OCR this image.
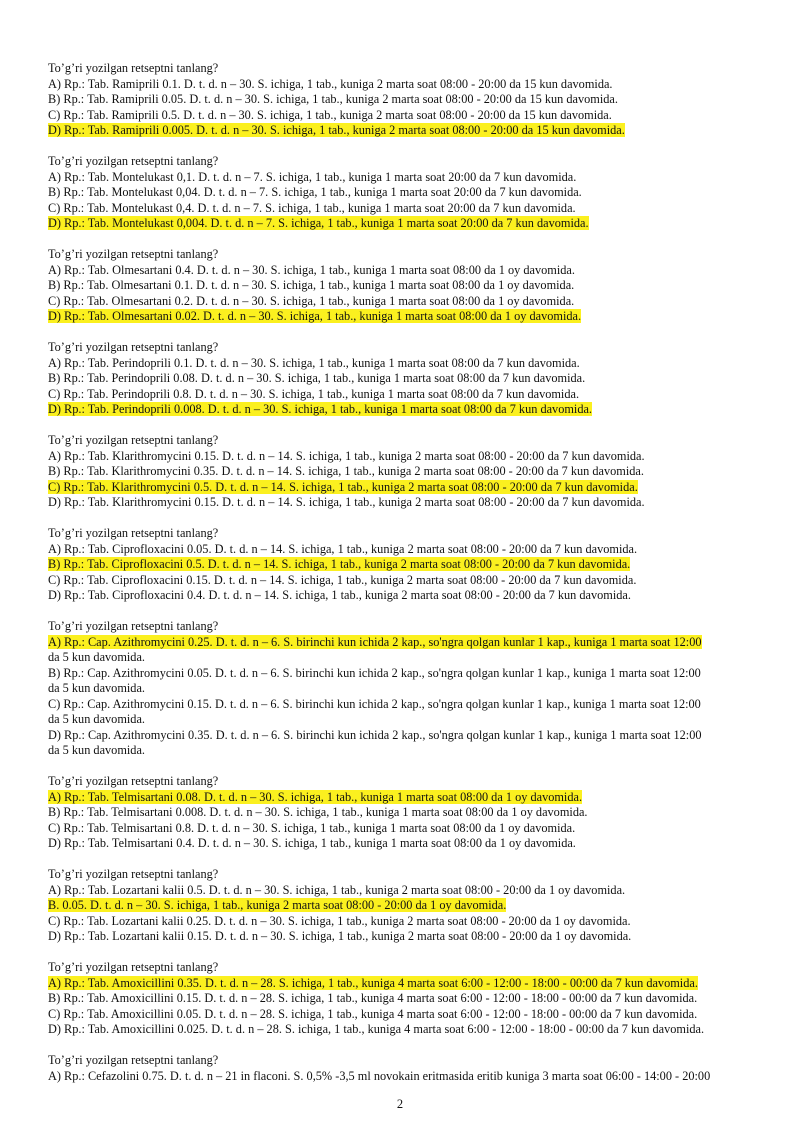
To’g’ri yozilgan retseptni tanlang?

A) Rp.: Tab. Ramiprili 0.1. D. t. d. n – 30. S. ichiga, 1 tab., kuniga 2 marta soat 08:00 - 20:00 da 15 kun davomida.

B) Rp.: Tab. Ramiprili 0.05. D. t. d. n – 30. S. ichiga, 1 tab., kuniga 2 marta soat 08:00 - 20:00 da 15 kun davomida.

C) Rp.: Tab. Ramiprili 0.5. D. t. d. n – 30. S. ichiga, 1 tab., kuniga 2 marta soat 08:00 - 20:00 da 15 kun davomida.

D) Rp.: Tab. Ramiprili 0.005. D. t. d. n – 30. S. ichiga, 1 tab., kuniga 2 marta soat 08:00 - 20:00 da 15 kun davomida.

To’g’ri yozilgan retseptni tanlang?

A) Rp.: Tab. Montelukast 0,1. D. t. d. n – 7. S. ichiga, 1 tab., kuniga 1 marta soat 20:00 da 7 kun davomida.

B) Rp.: Tab. Montelukast 0,04. D. t. d. n – 7. S. ichiga, 1 tab., kuniga 1 marta soat 20:00 da 7 kun davomida.

C) Rp.: Tab. Montelukast 0,4. D. t. d. n – 7. S. ichiga, 1 tab., kuniga 1 marta soat 20:00 da 7 kun davomida.

D) Rp.: Tab. Montelukast 0,004. D. t. d. n – 7. S. ichiga, 1 tab., kuniga 1 marta soat 20:00 da 7 kun davomida.

To’g’ri yozilgan retseptni tanlang?

A) Rp.: Tab. Olmesartani 0.4. D. t. d. n – 30. S. ichiga, 1 tab., kuniga 1 marta soat 08:00 da 1 oy davomida.

B) Rp.: Tab. Olmesartani 0.1. D. t. d. n – 30. S. ichiga, 1 tab., kuniga 1 marta soat 08:00 da 1 oy davomida.

C) Rp.: Tab. Olmesartani 0.2. D. t. d. n – 30. S. ichiga, 1 tab., kuniga 1 marta soat 08:00 da 1 oy davomida.

D) Rp.: Tab. Olmesartani 0.02. D. t. d. n – 30. S. ichiga, 1 tab., kuniga 1 marta soat 08:00 da 1 oy davomida.

To’g’ri yozilgan retseptni tanlang?

A) Rp.: Tab. Perindoprili 0.1. D. t. d. n – 30. S. ichiga, 1 tab., kuniga 1 marta soat 08:00 da 7 kun davomida.

B) Rp.: Tab. Perindoprili 0.08. D. t. d. n – 30. S. ichiga, 1 tab., kuniga 1 marta soat 08:00 da 7 kun davomida.

C) Rp.: Tab. Perindoprili 0.8. D. t. d. n – 30. S. ichiga, 1 tab., kuniga 1 marta soat 08:00 da 7 kun davomida.

D) Rp.: Tab. Perindoprili 0.008. D. t. d. n – 30. S. ichiga, 1 tab., kuniga 1 marta soat 08:00 da 7 kun davomida.

To’g’ri yozilgan retseptni tanlang?

A) Rp.: Tab. Klarithromycini 0.15. D. t. d. n – 14. S. ichiga, 1 tab., kuniga 2 marta soat 08:00 - 20:00 da 7 kun davomida.

B) Rp.: Tab. Klarithromycini 0.35. D. t. d. n – 14. S. ichiga, 1 tab., kuniga 2 marta soat 08:00 - 20:00 da 7 kun davomida.

C) Rp.: Tab. Klarithromycini 0.5. D. t. d. n – 14. S. ichiga, 1 tab., kuniga 2 marta soat 08:00 - 20:00 da 7 kun davomida.

D) Rp.: Tab. Klarithromycini 0.15. D. t. d. n – 14. S. ichiga, 1 tab., kuniga 2 marta soat 08:00 - 20:00 da 7 kun davomida.

To’g’ri yozilgan retseptni tanlang?

A) Rp.: Tab. Ciprofloxacini 0.05. D. t. d. n – 14. S. ichiga, 1 tab., kuniga 2 marta soat 08:00 - 20:00 da 7 kun davomida.

B) Rp.: Tab. Ciprofloxacini 0.5. D. t. d. n – 14. S. ichiga, 1 tab., kuniga 2 marta soat 08:00 - 20:00 da 7 kun davomida.

C) Rp.: Tab. Ciprofloxacini 0.15. D. t. d. n – 14. S. ichiga, 1 tab., kuniga 2 marta soat 08:00 - 20:00 da 7 kun davomida.

D) Rp.: Tab. Ciprofloxacini 0.4. D. t. d. n – 14. S. ichiga, 1 tab., kuniga 2 marta soat 08:00 - 20:00 da 7 kun davomida.

To’g’ri yozilgan retseptni tanlang?

A) Rp.: Cap. Azithromycini 0.25. D. t. d. n – 6. S. birinchi kun ichida 2 kap., so'ngra qolgan kunlar 1 kap., kuniga 1 marta soat 12:00

da 5 kun davomida.

B) Rp.: Cap. Azithromycini 0.05. D. t. d. n – 6. S. birinchi kun ichida 2 kap., so'ngra qolgan kunlar 1 kap., kuniga 1 marta soat 12:00

da 5 kun davomida.

C) Rp.: Cap. Azithromycini 0.15. D. t. d. n – 6. S. birinchi kun ichida 2 kap., so'ngra qolgan kunlar 1 kap., kuniga 1 marta soat 12:00

da 5 kun davomida.

D) Rp.: Cap. Azithromycini 0.35. D. t. d. n – 6. S. birinchi kun ichida 2 kap., so'ngra qolgan kunlar 1 kap., kuniga 1 marta soat 12:00

da 5 kun davomida.

To’g’ri yozilgan retseptni tanlang?

A) Rp.: Tab. Telmisartani 0.08. D. t. d. n – 30. S. ichiga, 1 tab., kuniga 1 marta soat 08:00 da 1 oy davomida.

B) Rp.: Tab. Telmisartani 0.008. D. t. d. n – 30. S. ichiga, 1 tab., kuniga 1 marta soat 08:00 da 1 oy davomida.

C) Rp.: Tab. Telmisartani 0.8. D. t. d. n – 30. S. ichiga, 1 tab., kuniga 1 marta soat 08:00 da 1 oy davomida.

D) Rp.: Tab. Telmisartani 0.4. D. t. d. n – 30. S. ichiga, 1 tab., kuniga 1 marta soat 08:00 da 1 oy davomida.

To’g’ri yozilgan retseptni tanlang?

A) Rp.: Tab. Lozartani kalii 0.5. D. t. d. n – 30. S. ichiga, 1 tab., kuniga 2 marta soat 08:00 - 20:00 da 1 oy davomida.

B. 0.05. D. t. d. n – 30. S. ichiga, 1 tab., kuniga 2 marta soat 08:00 - 20:00 da 1 oy davomida.

C) Rp.: Tab. Lozartani kalii 0.25. D. t. d. n – 30. S. ichiga, 1 tab., kuniga 2 marta soat 08:00 - 20:00 da 1 oy davomida.

D) Rp.: Tab. Lozartani kalii 0.15. D. t. d. n – 30. S. ichiga, 1 tab., kuniga 2 marta soat 08:00 - 20:00 da 1 oy davomida.

To’g’ri yozilgan retseptni tanlang?

A) Rp.: Tab. Amoxicillini 0.35. D. t. d. n – 28. S. ichiga, 1 tab., kuniga 4 marta soat 6:00 - 12:00 - 18:00 - 00:00 da 7 kun davomida.

B) Rp.: Tab. Amoxicillini 0.15. D. t. d. n – 28. S. ichiga, 1 tab., kuniga 4 marta soat 6:00 - 12:00 - 18:00 - 00:00 da 7 kun davomida.

C) Rp.: Tab. Amoxicillini 0.05. D. t. d. n – 28. S. ichiga, 1 tab., kuniga 4 marta soat 6:00 - 12:00 - 18:00 - 00:00 da 7 kun davomida.

D) Rp.: Tab. Amoxicillini 0.025. D. t. d. n – 28. S. ichiga, 1 tab., kuniga 4 marta soat 6:00 - 12:00 - 18:00 - 00:00 da 7 kun davomida.

To’g’ri yozilgan retseptni tanlang?

A) Rp.: Cefazolini 0.75. D. t. d. n – 21 in flaconi. S. 0,5% -3,5 ml novokain eritmasida eritib kuniga 3 marta soat 06:00 - 14:00 - 20:00

2
